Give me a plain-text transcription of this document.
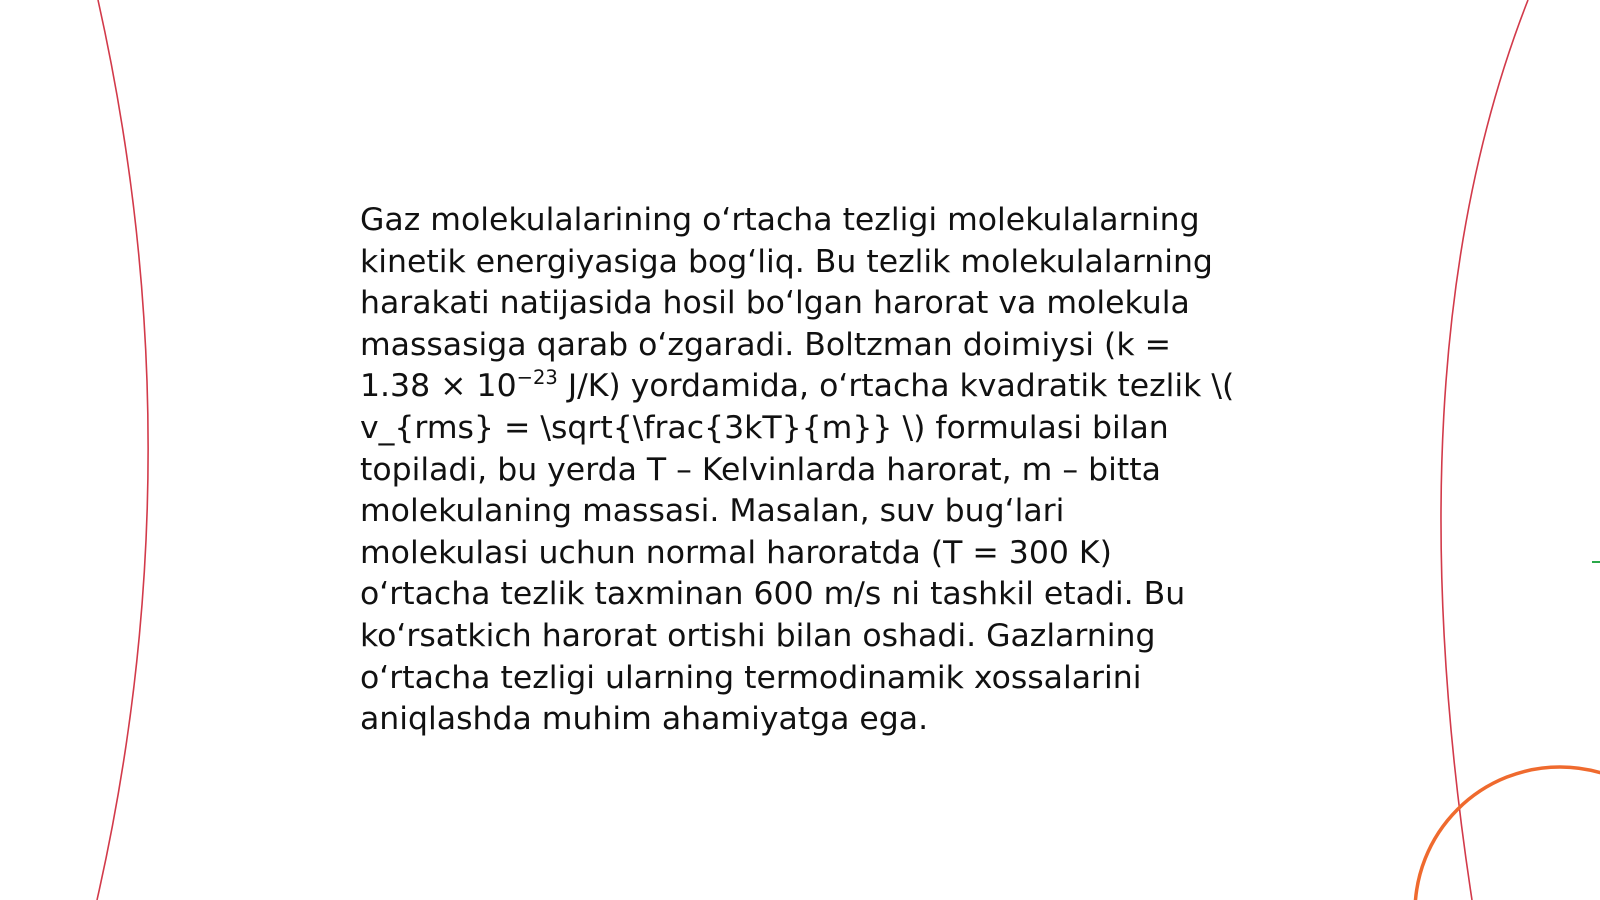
Gaz molekulalarining oʻrtacha tezligi molekulalarning kinetik energiyasiga bogʻliq. Bu tezlik molekulalarning harakati natijasida hosil boʻlgan harorat va molekula massasiga qarab oʻzgaradi. Boltzman doimiysi ($k = 1.38 \times 10^{-23}$ J/K) yordamida, oʻrtacha kvadratik tezlik \( v_{rms} = \sqrt{\frac{3kT}{m}} \) formulasi bilan topiladi, bu yerda T – Kelvinlarda harorat, m – bitta molekulaning massasi. Masalan, suv bugʻlari molekulasi uchun normal haroratda (T = 300 K) oʻrtacha tezlik taxminan 600 m/s ni tashkil etadi. Bu koʻrsatkich harorat ortishi bilan oshadi. Gazlarning oʻrtacha tezligi ularning termodinamik xossalarini aniqlashda muhim ahamiyatga ega.
